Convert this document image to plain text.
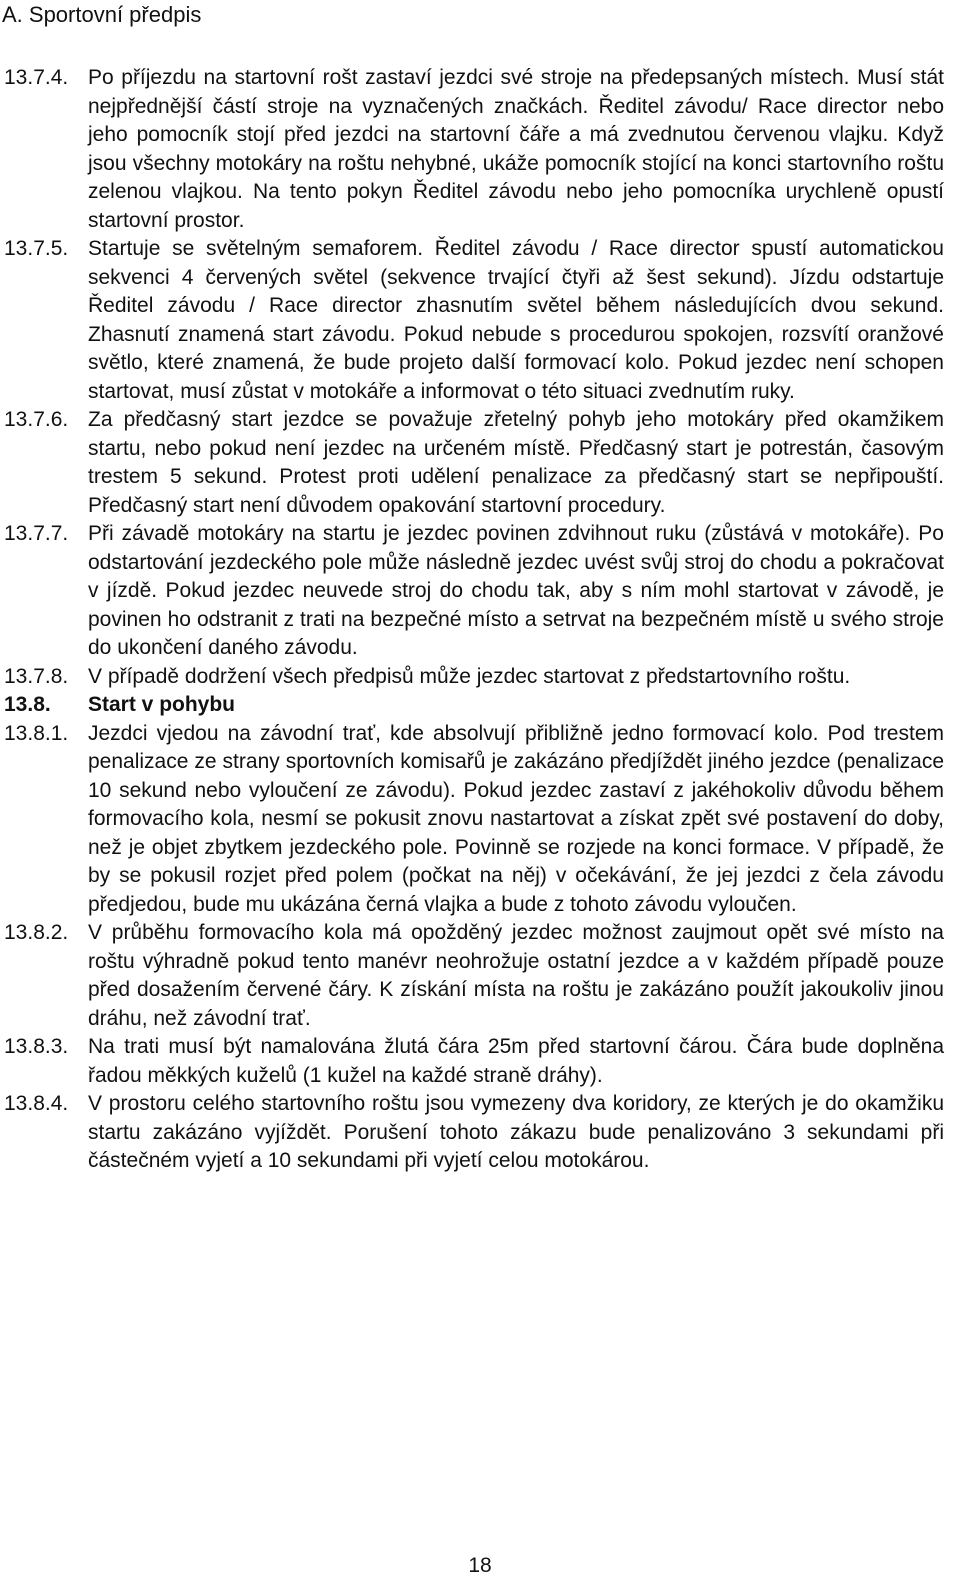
A. Sportovní předpis
13.7.4. Po příjezdu na startovní rošt zastaví jezdci své stroje na předepsaných místech. Musí stát nejpřednější částí stroje na vyznačených značkách. Ředitel závodu/ Race director nebo jeho pomocník stojí před jezdci na startovní čáře a má zvednutou červenou vlajku. Když jsou všechny motokáry na roštu nehybné, ukáže pomocník stojící na konci startovního roštu zelenou vlajkou. Na tento pokyn Ředitel závodu nebo jeho pomocníka urychleně opustí startovní prostor.
13.7.5. Startuje se světelným semaforem. Ředitel závodu / Race director spustí automatickou sekvenci 4 červených světel (sekvence trvající čtyři až šest sekund). Jízdu odstartuje Ředitel závodu / Race director zhasnutím světel během následujících dvou sekund. Zhasnutí znamená start závodu. Pokud nebude s procedurou spokojen, rozsvítí oranžové světlo, které znamená, že bude projeto další formovací kolo. Pokud jezdec není schopen startovat, musí zůstat v motokáře a informovat o této situaci zvednutím ruky.
13.7.6. Za předčasný start jezdce se považuje zřetelný pohyb jeho motokáry před okamžikem startu, nebo pokud není jezdec na určeném místě. Předčasný start je potrestán, časovým trestem 5 sekund. Protest proti udělení penalizace za předčasný start se nepřipouští. Předčasný start není důvodem opakování startovní procedury.
13.7.7. Při závadě motokáry na startu je jezdec povinen zdvihnout ruku (zůstává v motokáře). Po odstartování jezdeckého pole může následně jezdec uvést svůj stroj do chodu a pokračovat v jízdě. Pokud jezdec neuvede stroj do chodu tak, aby s ním mohl startovat v závodě, je povinen ho odstranit z trati na bezpečné místo a setrvat na bezpečném místě u svého stroje do ukončení daného závodu.
13.7.8. V případě dodržení všech předpisů může jezdec startovat z předstartovního roštu.
13.8.	Start v pohybu
13.8.1. Jezdci vjedou na závodní trať, kde absolvují přibližně jedno formovací kolo. Pod trestem penalizace ze strany sportovních komisařů je zakázáno předjíždět jiného jezdce (penalizace 10 sekund nebo vyloučení ze závodu). Pokud jezdec zastaví z jakéhokoliv důvodu během formovacího kola, nesmí se pokusit znovu nastartovat a získat zpět své postavení do doby, než je objet zbytkem jezdeckého pole. Povinně se rozjede na konci formace. V případě, že by se pokusil rozjet před polem (počkat na něj) v očekávání, že jej jezdci z čela závodu předjedou, bude mu ukázána černá vlajka a bude z tohoto závodu vyloučen.
13.8.2. V průběhu formovacího kola má opožděný jezdec možnost zaujmout opět své místo na roštu výhradně pokud tento manévr neohrožuje ostatní jezdce a v každém případě pouze před dosažením červené čáry. K získání místa na roštu je zakázáno použít jakoukoliv jinou dráhu, než závodní trať.
13.8.3. Na trati musí být namalována žlutá čára 25m před startovní čárou. Čára bude doplněna řadou měkkých kuželů (1 kužel na každé straně dráhy).
13.8.4. V prostoru celého startovního roštu jsou vymezeny dva koridory, ze kterých je do okamžiku startu zakázáno vyjíždět. Porušení tohoto zákazu bude penalizováno 3 sekundami při částečném vyjetí a 10 sekundami při vyjetí celou motokárou.
18
